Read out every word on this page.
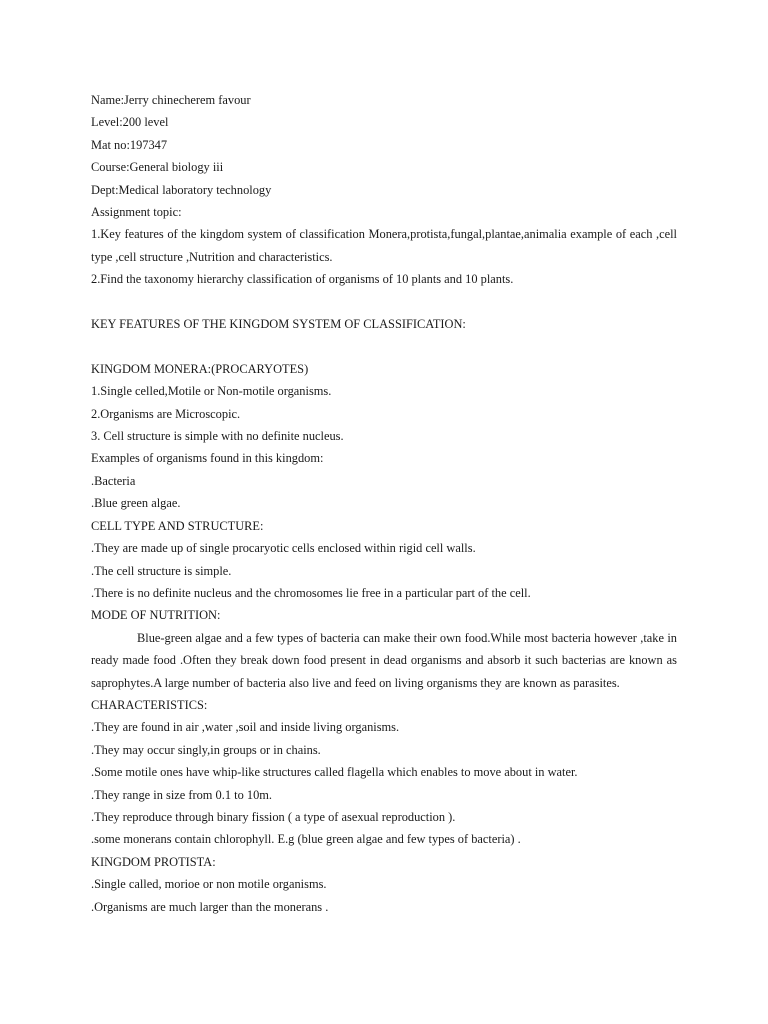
Name:Jerry chinecherem favour

Level:200 level

Mat no:197347

Course:General biology iii

Dept:Medical laboratory technology

Assignment topic:

1.Key features of the kingdom system of classification Monera,protista,fungal,plantae,animalia example of each ,cell type ,cell structure ,Nutrition and characteristics.

2.Find the taxonomy hierarchy classification of organisms of 10 plants and 10 plants.

KEY FEATURES OF THE KINGDOM SYSTEM OF CLASSIFICATION:

KINGDOM MONERA:(PROCARYOTES)

1.Single celled,Motile or Non-motile organisms.

2.Organisms are Microscopic.

3. Cell structure is simple with no definite nucleus.

Examples of organisms found in this kingdom:

.Bacteria

.Blue green algae.

CELL TYPE AND STRUCTURE:

.They are made up of single procaryotic cells enclosed within rigid cell walls.

.The cell structure is simple.

.There is no definite nucleus and the chromosomes lie free in a particular part of the cell.

MODE OF NUTRITION:

Blue-green algae and a few types of bacteria can make their own food.While most bacteria however ,take in ready made food .Often they break down food present in dead organisms and absorb it such bacterias are known as saprophytes.A large number of bacteria also live and feed on living organisms they are known as parasites.

CHARACTERISTICS:

.They are found in air ,water ,soil and inside living organisms.

.They may occur singly,in groups or in chains.

.Some motile ones have whip-like structures called flagella which enables to move about in water.

.They range in size from 0.1 to 10m.

.They reproduce through binary fission ( a type of asexual reproduction ).

.some monerans contain chlorophyll. E.g (blue green algae and few types of bacteria) .

KINGDOM PROTISTA:

.Single called, morioe or non motile organisms.

.Organisms are much larger than the monerans .
